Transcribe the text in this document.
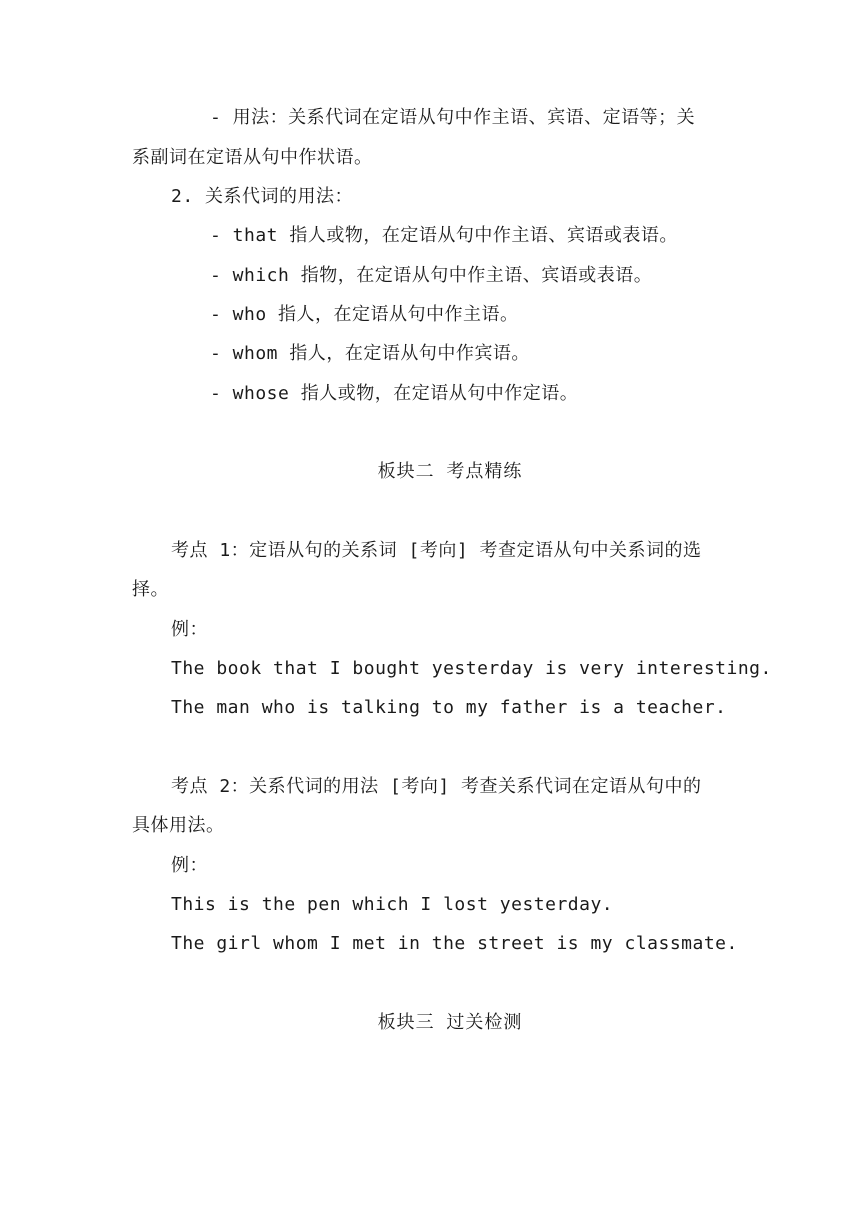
- 用法：关系代词在定语从句中作主语、宾语、定语等；关
系副词在定语从句中作状语。
2. 关系代词的用法：
- that 指人或物，在定语从句中作主语、宾语或表语。
- which 指物，在定语从句中作主语、宾语或表语。
- who 指人，在定语从句中作主语。
- whom 指人，在定语从句中作宾语。
- whose 指人或物，在定语从句中作定语。
板块二 考点精练
考点 1：定语从句的关系词 [考向] 考查定语从句中关系词的选
择。
例：
The book that I bought yesterday is very interesting.
The man who is talking to my father is a teacher.
考点 2：关系代词的用法 [考向] 考查关系代词在定语从句中的
具体用法。
例：
This is the pen which I lost yesterday.
The girl whom I met in the street is my classmate.
板块三 过关检测
